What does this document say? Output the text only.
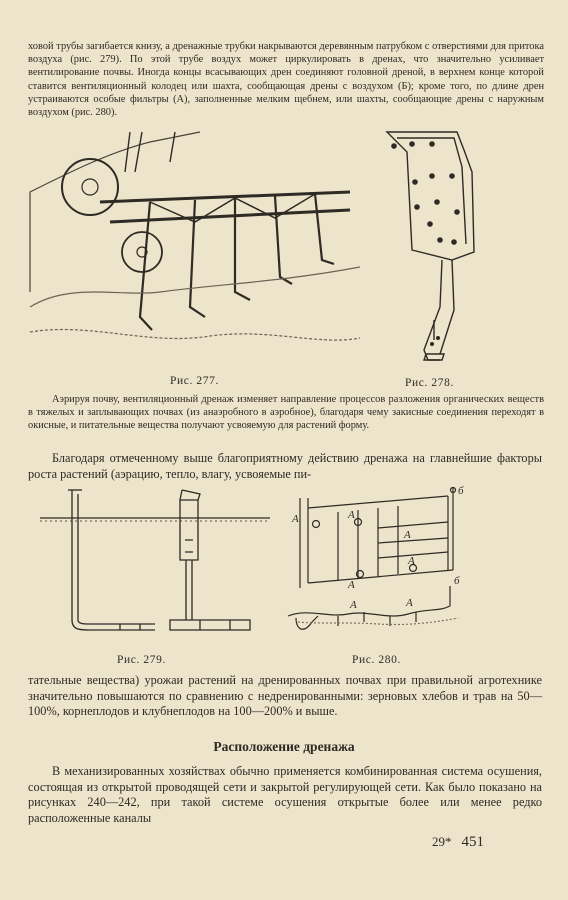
ховой трубы загибается книзу, а дренажные трубки накрываются деревянным патрубком с отверстиями для притока воздуха (рис. 279). По этой трубе воздух может циркулировать в дренах, что значительно усиливает вентилирование почвы. Иногда концы всасывающих дрен соединяют головной дреной, в верхнем конце которой ставится вентиляционный колодец или шахта, сообщающая дрены с воздухом (Б); кроме того, по длине дрен устраиваются особые фильтры (А), заполненные мелким щебнем, или шахты, сообщающие дрены с наружным воздухом (рис. 280).

Рис. 277.	Рис. 278.

Аэрируя почву, вентиляционный дренаж изменяет направление процессов разложения органических веществ в тяжелых и заплывающих почвах (из анаэробного в аэробное), благодаря чему закисные соединения переходят в окисные, и питательные вещества получают усвояемую для растений форму.

Благодаря отмеченному выше благоприятному действию дренажа на главнейшие факторы роста растений (аэрацию, тепло, влагу, усвояемые пи-

A	A
A
A
A
A	A
б
б
Рис. 279.	Рис. 280.

тательные вещества) урожаи растений на дренированных почвах при правильной агротехнике значительно повышаются по сравнению с недренированными: зерновых хлебов и трав на 50—100%, корнеплодов и клубнеплодов на 100—200% и выше.

Расположение дренажа

В механизированных хозяйствах обычно применяется комбинированная система осушения, состоящая из открытой проводящей сети и закрытой регулирующей сети. Как было показано на рисунках 240—242, при такой системе осушения открытые более или менее редко расположенные каналы

29* 451
